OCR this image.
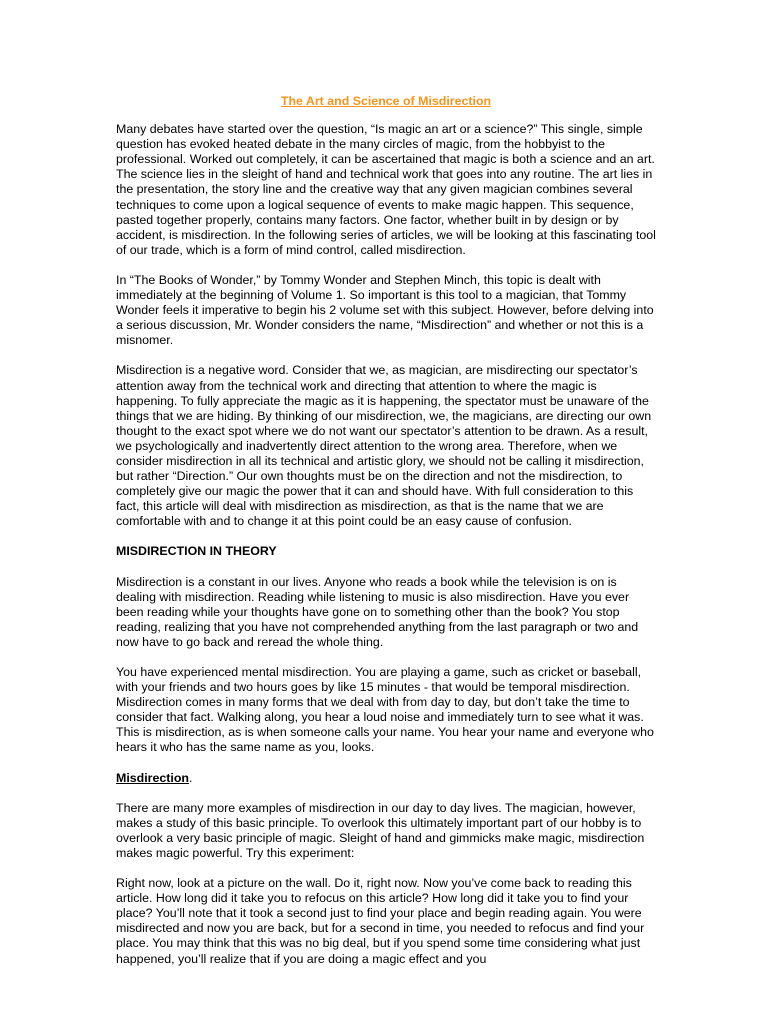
The Art and Science of Misdirection

Many debates have started over the question, “Is magic an art or a science?” This single, simple question has evoked heated debate in the many circles of magic, from the hobbyist to the professional. Worked out completely, it can be ascertained that magic is both a science and an art. The science lies in the sleight of hand and technical work that goes into any routine. The art lies in the presentation, the story line and the creative way that any given magician combines several techniques to come upon a logical sequence of events to make magic happen. This sequence, pasted together properly, contains many factors. One factor, whether built in by design or by accident, is misdirection. In the following series of articles, we will be looking at this fascinating tool of our trade, which is a form of mind control, called misdirection.

In “The Books of Wonder,” by Tommy Wonder and Stephen Minch, this topic is dealt with immediately at the beginning of Volume 1. So important is this tool to a magician, that Tommy Wonder feels it imperative to begin his 2 volume set with this subject. However, before delving into a serious discussion, Mr. Wonder considers the name, “Misdirection” and whether or not this is a misnomer.

Misdirection is a negative word. Consider that we, as magician, are misdirecting our spectator’s attention away from the technical work and directing that attention to where the magic is happening. To fully appreciate the magic as it is happening, the spectator must be unaware of the things that we are hiding. By thinking of our misdirection, we, the magicians, are directing our own thought to the exact spot where we do not want our spectator’s attention to be drawn. As a result, we psychologically and inadvertently direct attention to the wrong area. Therefore, when we consider misdirection in all its technical and artistic glory, we should not be calling it misdirection, but rather “Direction.” Our own thoughts must be on the direction and not the misdirection, to completely give our magic the power that it can and should have. With full consideration to this fact, this article will deal with misdirection as misdirection, as that is the name that we are comfortable with and to change it at this point could be an easy cause of confusion.

MISDIRECTION IN THEORY

Misdirection is a constant in our lives. Anyone who reads a book while the television is on is dealing with misdirection. Reading while listening to music is also misdirection. Have you ever been reading while your thoughts have gone on to something other than the book? You stop reading, realizing that you have not comprehended anything from the last paragraph or two and now have to go back and reread the whole thing.

You have experienced mental misdirection. You are playing a game, such as cricket or baseball, with your friends and two hours goes by like 15 minutes - that would be temporal misdirection. Misdirection comes in many forms that we deal with from day to day, but don’t take the time to consider that fact. Walking along, you hear a loud noise and immediately turn to see what it was. This is misdirection, as is when someone calls your name. You hear your name and everyone who hears it who has the same name as you, looks.

Misdirection.

There are many more examples of misdirection in our day to day lives. The magician, however, makes a study of this basic principle. To overlook this ultimately important part of our hobby is to overlook a very basic principle of magic. Sleight of hand and gimmicks make magic, misdirection makes magic powerful. Try this experiment:

Right now, look at a picture on the wall. Do it, right now. Now you’ve come back to reading this article. How long did it take you to refocus on this article? How long did it take you to find your place? You’ll note that it took a second just to find your place and begin reading again. You were misdirected and now you are back, but for a second in time, you needed to refocus and find your place. You may think that this was no big deal, but if you spend some time considering what just happened, you’ll realize that if you are doing a magic effect and you
